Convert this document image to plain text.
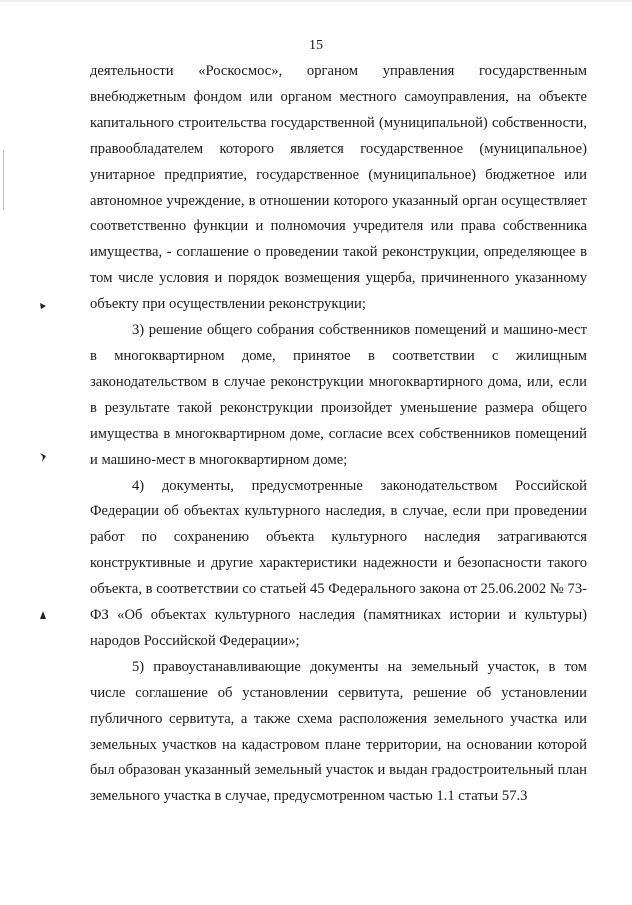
15

деятельности «Роскосмос», органом управления государственным внебюджетным фондом или органом местного самоуправления, на объекте капитального строительства государственной (муниципальной) собственности, правообладателем которого является государственное (муниципальное) унитарное предприятие, государственное (муниципальное) бюджетное или автономное учреждение, в отношении которого указанный орган осуществляет соответственно функции и полномочия учредителя или права собственника имущества, - соглашение о проведении такой реконструкции, определяющее в том числе условия и порядок возмещения ущерба, причиненного указанному объекту при осуществлении реконструкции;

3) решение общего собрания собственников помещений и машино-мест в многоквартирном доме, принятое в соответствии с жилищным законодательством в случае реконструкции многоквартирного дома, или, если в результате такой реконструкции произойдет уменьшение размера общего имущества в многоквартирном доме, согласие всех собственников помещений и машино-мест в многоквартирном доме;

4) документы, предусмотренные законодательством Российской Федерации об объектах культурного наследия, в случае, если при проведении работ по сохранению объекта культурного наследия затрагиваются конструктивные и другие характеристики надежности и безопасности такого объекта, в соответствии со статьей 45 Федерального закона от 25.06.2002 № 73-ФЗ «Об объектах культурного наследия (памятниках истории и культуры) народов Российской Федерации»;

5) правоустанавливающие документы на земельный участок, в том числе соглашение об установлении сервитута, решение об установлении публичного сервитута, а также схема расположения земельного участка или земельных участков на кадастровом плане территории, на основании которой был образован указанный земельный участок и выдан градостроительный план земельного участка в случае, предусмотренном частью 1.1 статьи 57.3
